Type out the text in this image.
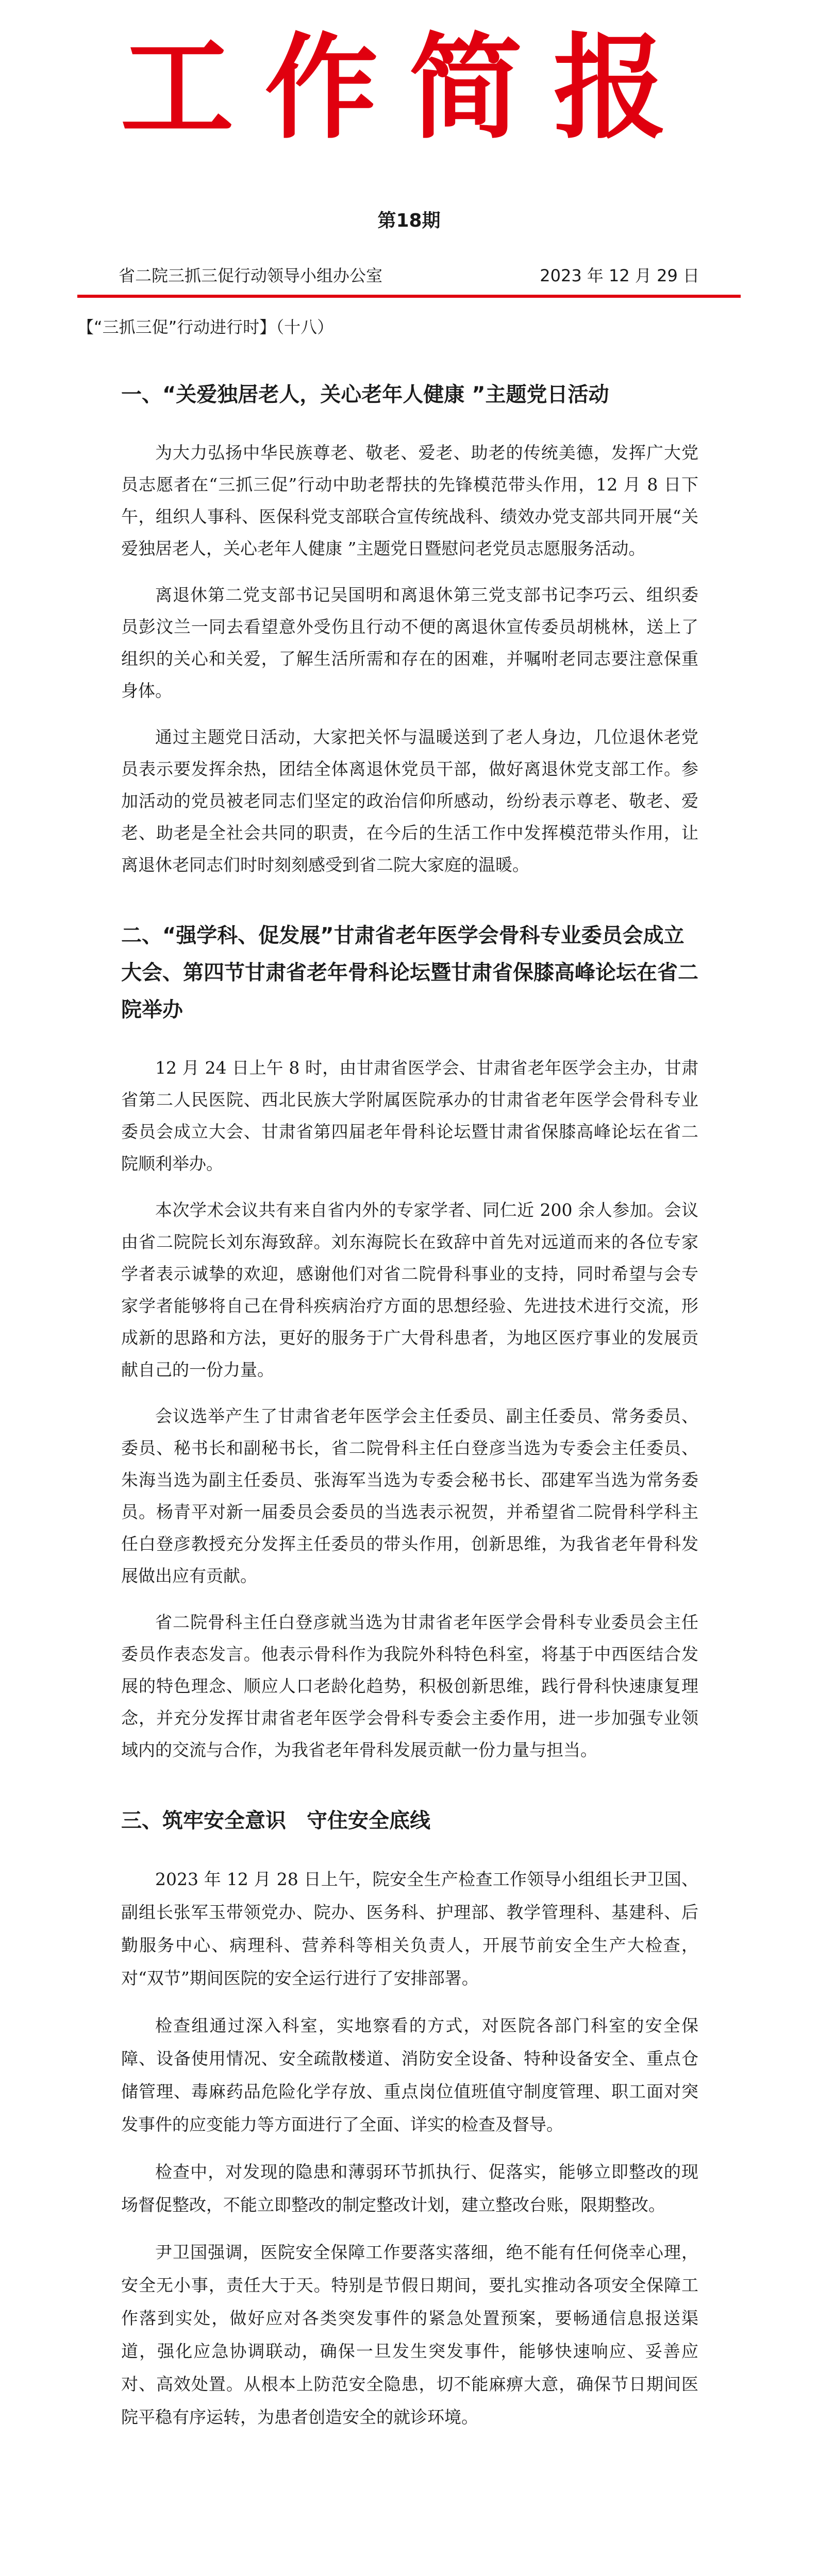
工作简报
第18期
省二院三抓三促行动领导小组办公室	2023 年 12 月 29 日
【“三抓三促”行动进行时】（十八）
一、“关爱独居老人，关心老年人健康 ”主题党日活动

为大力弘扬中华民族尊老、敬老、爱老、助老的传统美德，发挥广大党员志愿者在“三抓三促”行动中助老帮扶的先锋模范带头作用，12 月 8 日下午，组织人事科、医保科党支部联合宣传统战科、绩效办党支部共同开展“关爱独居老人，关心老年人健康 ”主题党日暨慰问老党员志愿服务活动。

离退休第二党支部书记吴国明和离退休第三党支部书记李巧云、组织委员彭汶兰一同去看望意外受伤且行动不便的离退休宣传委员胡桃林，送上了组织的关心和关爱，了解生活所需和存在的困难，并嘱咐老同志要注意保重身体。

通过主题党日活动，大家把关怀与温暖送到了老人身边，几位退休老党员表示要发挥余热，团结全体离退休党员干部，做好离退休党支部工作。参加活动的党员被老同志们坚定的政治信仰所感动，纷纷表示尊老、敬老、爱老、助老是全社会共同的职责，在今后的生活工作中发挥模范带头作用，让离退休老同志们时时刻刻感受到省二院大家庭的温暖。

二、“强学科、促发展”甘肃省老年医学会骨科专业委员会成立大会、第四节甘肃省老年骨科论坛暨甘肃省保膝高峰论坛在省二院举办

12 月 24 日上午 8 时，由甘肃省医学会、甘肃省老年医学会主办，甘肃省第二人民医院、西北民族大学附属医院承办的甘肃省老年医学会骨科专业委员会成立大会、甘肃省第四届老年骨科论坛暨甘肃省保膝高峰论坛在省二院顺利举办。

本次学术会议共有来自省内外的专家学者、同仁近 200 余人参加。会议由省二院院长刘东海致辞。刘东海院长在致辞中首先对远道而来的各位专家学者表示诚挚的欢迎，感谢他们对省二院骨科事业的支持，同时希望与会专家学者能够将自己在骨科疾病治疗方面的思想经验、先进技术进行交流，形成新的思路和方法，更好的服务于广大骨科患者，为地区医疗事业的发展贡献自己的一份力量。

会议选举产生了甘肃省老年医学会主任委员、副主任委员、常务委员、委员、秘书长和副秘书长，省二院骨科主任白登彦当选为专委会主任委员、朱海当选为副主任委员、张海军当选为专委会秘书长、邵建军当选为常务委员。杨青平对新一届委员会委员的当选表示祝贺，并希望省二院骨科学科主任白登彦教授充分发挥主任委员的带头作用，创新思维，为我省老年骨科发展做出应有贡献。

省二院骨科主任白登彦就当选为甘肃省老年医学会骨科专业委员会主任委员作表态发言。他表示骨科作为我院外科特色科室，将基于中西医结合发展的特色理念、顺应人口老龄化趋势，积极创新思维，践行骨科快速康复理念，并充分发挥甘肃省老年医学会骨科专委会主委作用，进一步加强专业领域内的交流与合作，为我省老年骨科发展贡献一份力量与担当。

三、筑牢安全意识　守住安全底线

2023 年 12 月 28 日上午，院安全生产检查工作领导小组组长尹卫国、副组长张军玉带领党办、院办、医务科、护理部、教学管理科、基建科、后勤服务中心、病理科、营养科等相关负责人，开展节前安全生产大检查，对“双节”期间医院的安全运行进行了安排部署。

检查组通过深入科室，实地察看的方式，对医院各部门科室的安全保障、设备使用情况、安全疏散楼道、消防安全设备、特种设备安全、重点仓储管理、毒麻药品危险化学存放、重点岗位值班值守制度管理、职工面对突发事件的应变能力等方面进行了全面、详实的检查及督导。

检查中，对发现的隐患和薄弱环节抓执行、促落实，能够立即整改的现场督促整改，不能立即整改的制定整改计划，建立整改台账，限期整改。

尹卫国强调，医院安全保障工作要落实落细，绝不能有任何侥幸心理，安全无小事，责任大于天。特别是节假日期间，要扎实推动各项安全保障工作落到实处，做好应对各类突发事件的紧急处置预案，要畅通信息报送渠道，强化应急协调联动，确保一旦发生突发事件，能够快速响应、妥善应对、高效处置。从根本上防范安全隐患，切不能麻痹大意，确保节日期间医院平稳有序运转，为患者创造安全的就诊环境。
